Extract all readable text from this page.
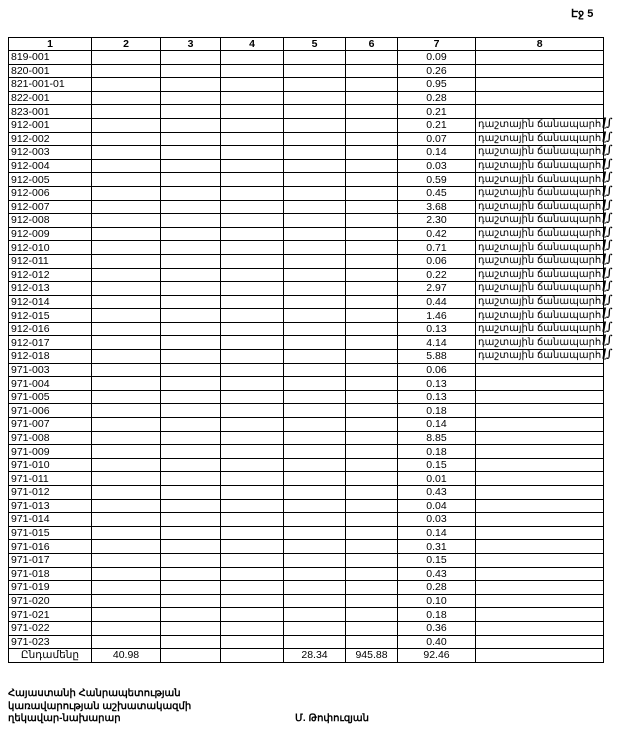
Էջ 5
1	2	3	4	5	6	7	8
819-001						0.09	
820-001						0.26	
821-001-01						0.95	
822-001						0.28	
823-001						0.21	
912-001						0.21	դաշտային ճանապարհ ɭ∫

912-002						0.07	դաշտային ճանապարհ ɭ∫

912-003						0.14	դաշտային ճանապարհ ɭ∫

912-004						0.03	դաշտային ճանապարհ ɭ∫

912-005						0.59	դաշտային ճանապարհ ɭ∫

912-006						0.45	դաշտային ճանապարհ ɭ∫

912-007						3.68	դաշտային ճանապարհ ɭ∫

912-008						2.30	դաշտային ճանապարհ ɭ∫

912-009						0.42	դաշտային ճանապարհ ɭ∫

912-010						0.71	դաշտային ճանապարհ ɭ∫

912-011						0.06	դաշտային ճանապարհ ɭ∫

912-012						0.22	դաշտային ճանապարհ ɭ∫

912-013						2.97	դաշտային ճանապարհ ɭ∫

912-014						0.44	դաշտային ճանապարհ ɭ∫

912-015						1.46	դաշտային ճանապարհ ɭ∫

912-016						0.13	դաշտային ճանապարհ ɭ∫

912-017						4.14	դաշտային ճանապարհ ɭ∫

912-018						5.88	դաշտային ճանապարհ ɭ∫

971-003						0.06	
971-004						0.13	
971-005						0.13	
971-006						0.18	
971-007						0.14	
971-008						8.85	
971-009						0.18	
971-010						0.15	
971-011						0.01	
971-012						0.43	
971-013						0.04	
971-014						0.03	
971-015						0.14	
971-016						0.31	
971-017						0.15	
971-018						0.43	
971-019						0.28	
971-020						0.10	
971-021						0.18	
971-022						0.36	
971-023						0.40	
Ընդամենը	40.98			28.34	945.88	92.46	
Հայաստանի Հանրապետության
կառավարության աշխատակազմի
ղեկավար-նախարար	Մ. Թոփուզյան
